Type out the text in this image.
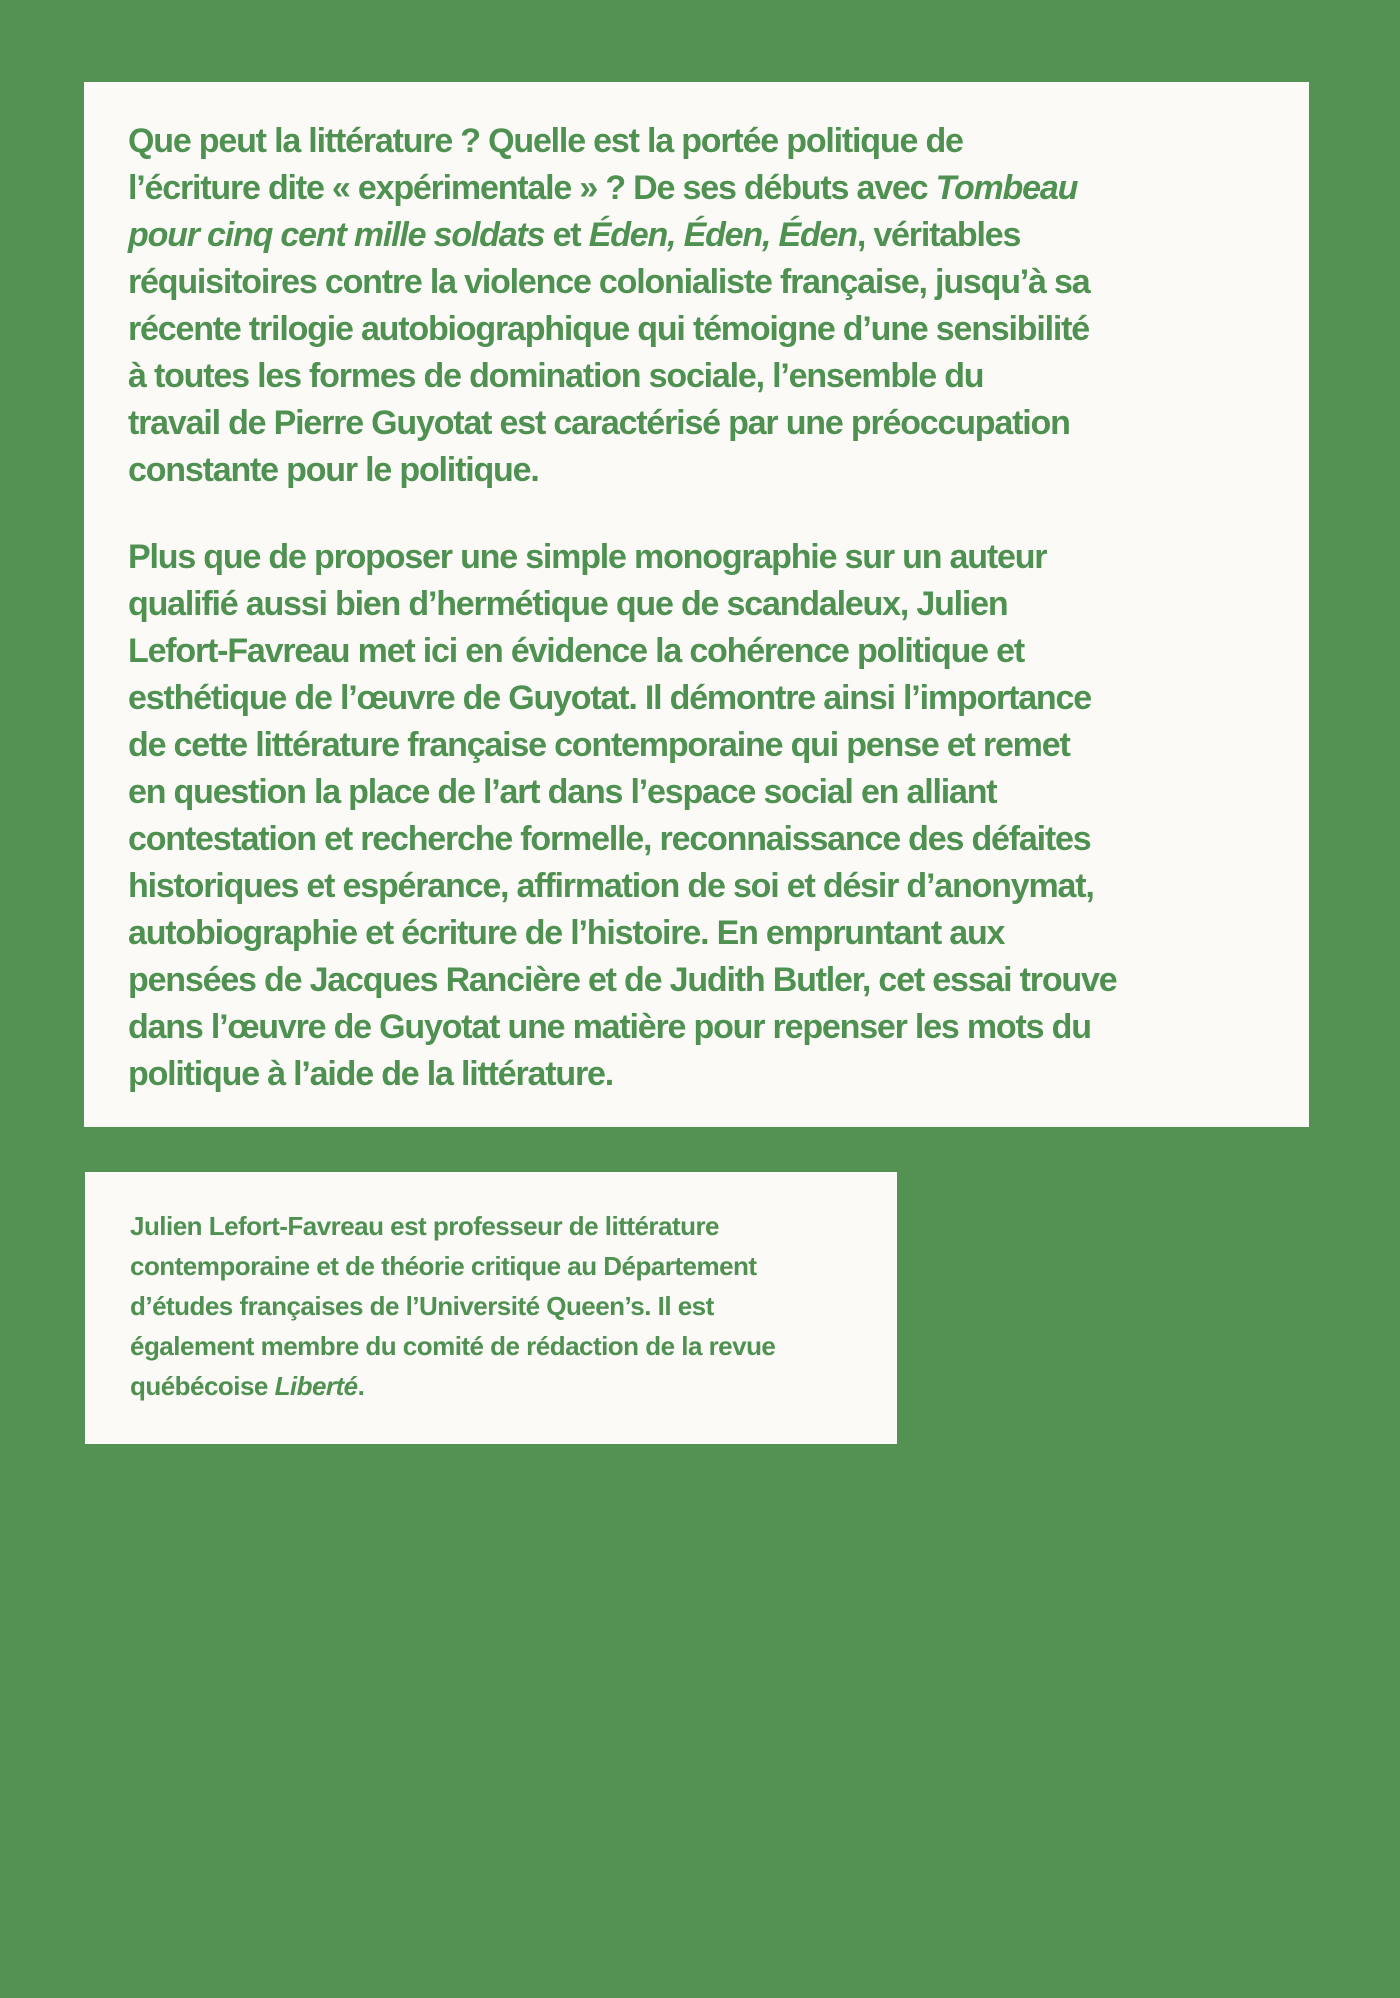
Que peut la littérature ? Quelle est la portée politique de
l’écriture dite « expérimentale » ? De ses débuts avec Tombeau
pour cinq cent mille soldats et Éden, Éden, Éden, véritables
réquisitoires contre la violence colonialiste française, jusqu’à sa
récente trilogie autobiographique qui témoigne d’une sensibilité
à toutes les formes de domination sociale, l’ensemble du
travail de Pierre Guyotat est caractérisé par une préoccupation
constante pour le politique.
Plus que de proposer une simple monographie sur un auteur
qualifié aussi bien d’hermétique que de scandaleux, Julien
Lefort-Favreau met ici en évidence la cohérence politique et
esthétique de l’œuvre de Guyotat. Il démontre ainsi l’importance
de cette littérature française contemporaine qui pense et remet
en question la place de l’art dans l’espace social en alliant
contestation et recherche formelle, reconnaissance des défaites
historiques et espérance, affirmation de soi et désir d’anonymat,
autobiographie et écriture de l’histoire. En empruntant aux
pensées de Jacques Rancière et de Judith Butler, cet essai trouve
dans l’œuvre de Guyotat une matière pour repenser les mots du
politique à l’aide de la littérature.
Julien Lefort-Favreau est professeur de littérature
contemporaine et de théorie critique au Département
d’études françaises de l’Université Queen’s. Il est
également membre du comité de rédaction de la revue
québécoise Liberté.
